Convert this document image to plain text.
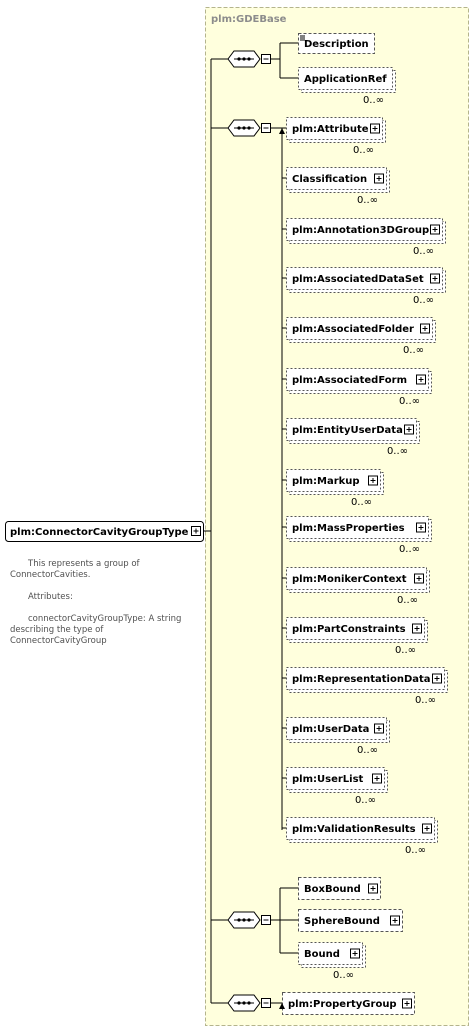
plm:GDEBase
plm:ConnectorCavityGroupType
This represents a group of
ConnectorCavities.
Attributes:
connectorCavityGroupType: A string
describing the type of
ConnectorCavityGroup
Description
ApplicationRef
0..∞
plm:Attribute
0..∞
Classification
0..∞
plm:Annotation3DGroup
0..∞
plm:AssociatedDataSet
0..∞
plm:AssociatedFolder
0..∞
plm:AssociatedForm
0..∞
plm:EntityUserData
0..∞
plm:Markup
0..∞
plm:MassProperties
0..∞
plm:MonikerContext
0..∞
plm:PartConstraints
0..∞
plm:RepresentationData
0..∞
plm:UserData
0..∞
plm:UserList
0..∞
plm:ValidationResults
0..∞
BoxBound
SphereBound
Bound
0..∞
plm:PropertyGroup
